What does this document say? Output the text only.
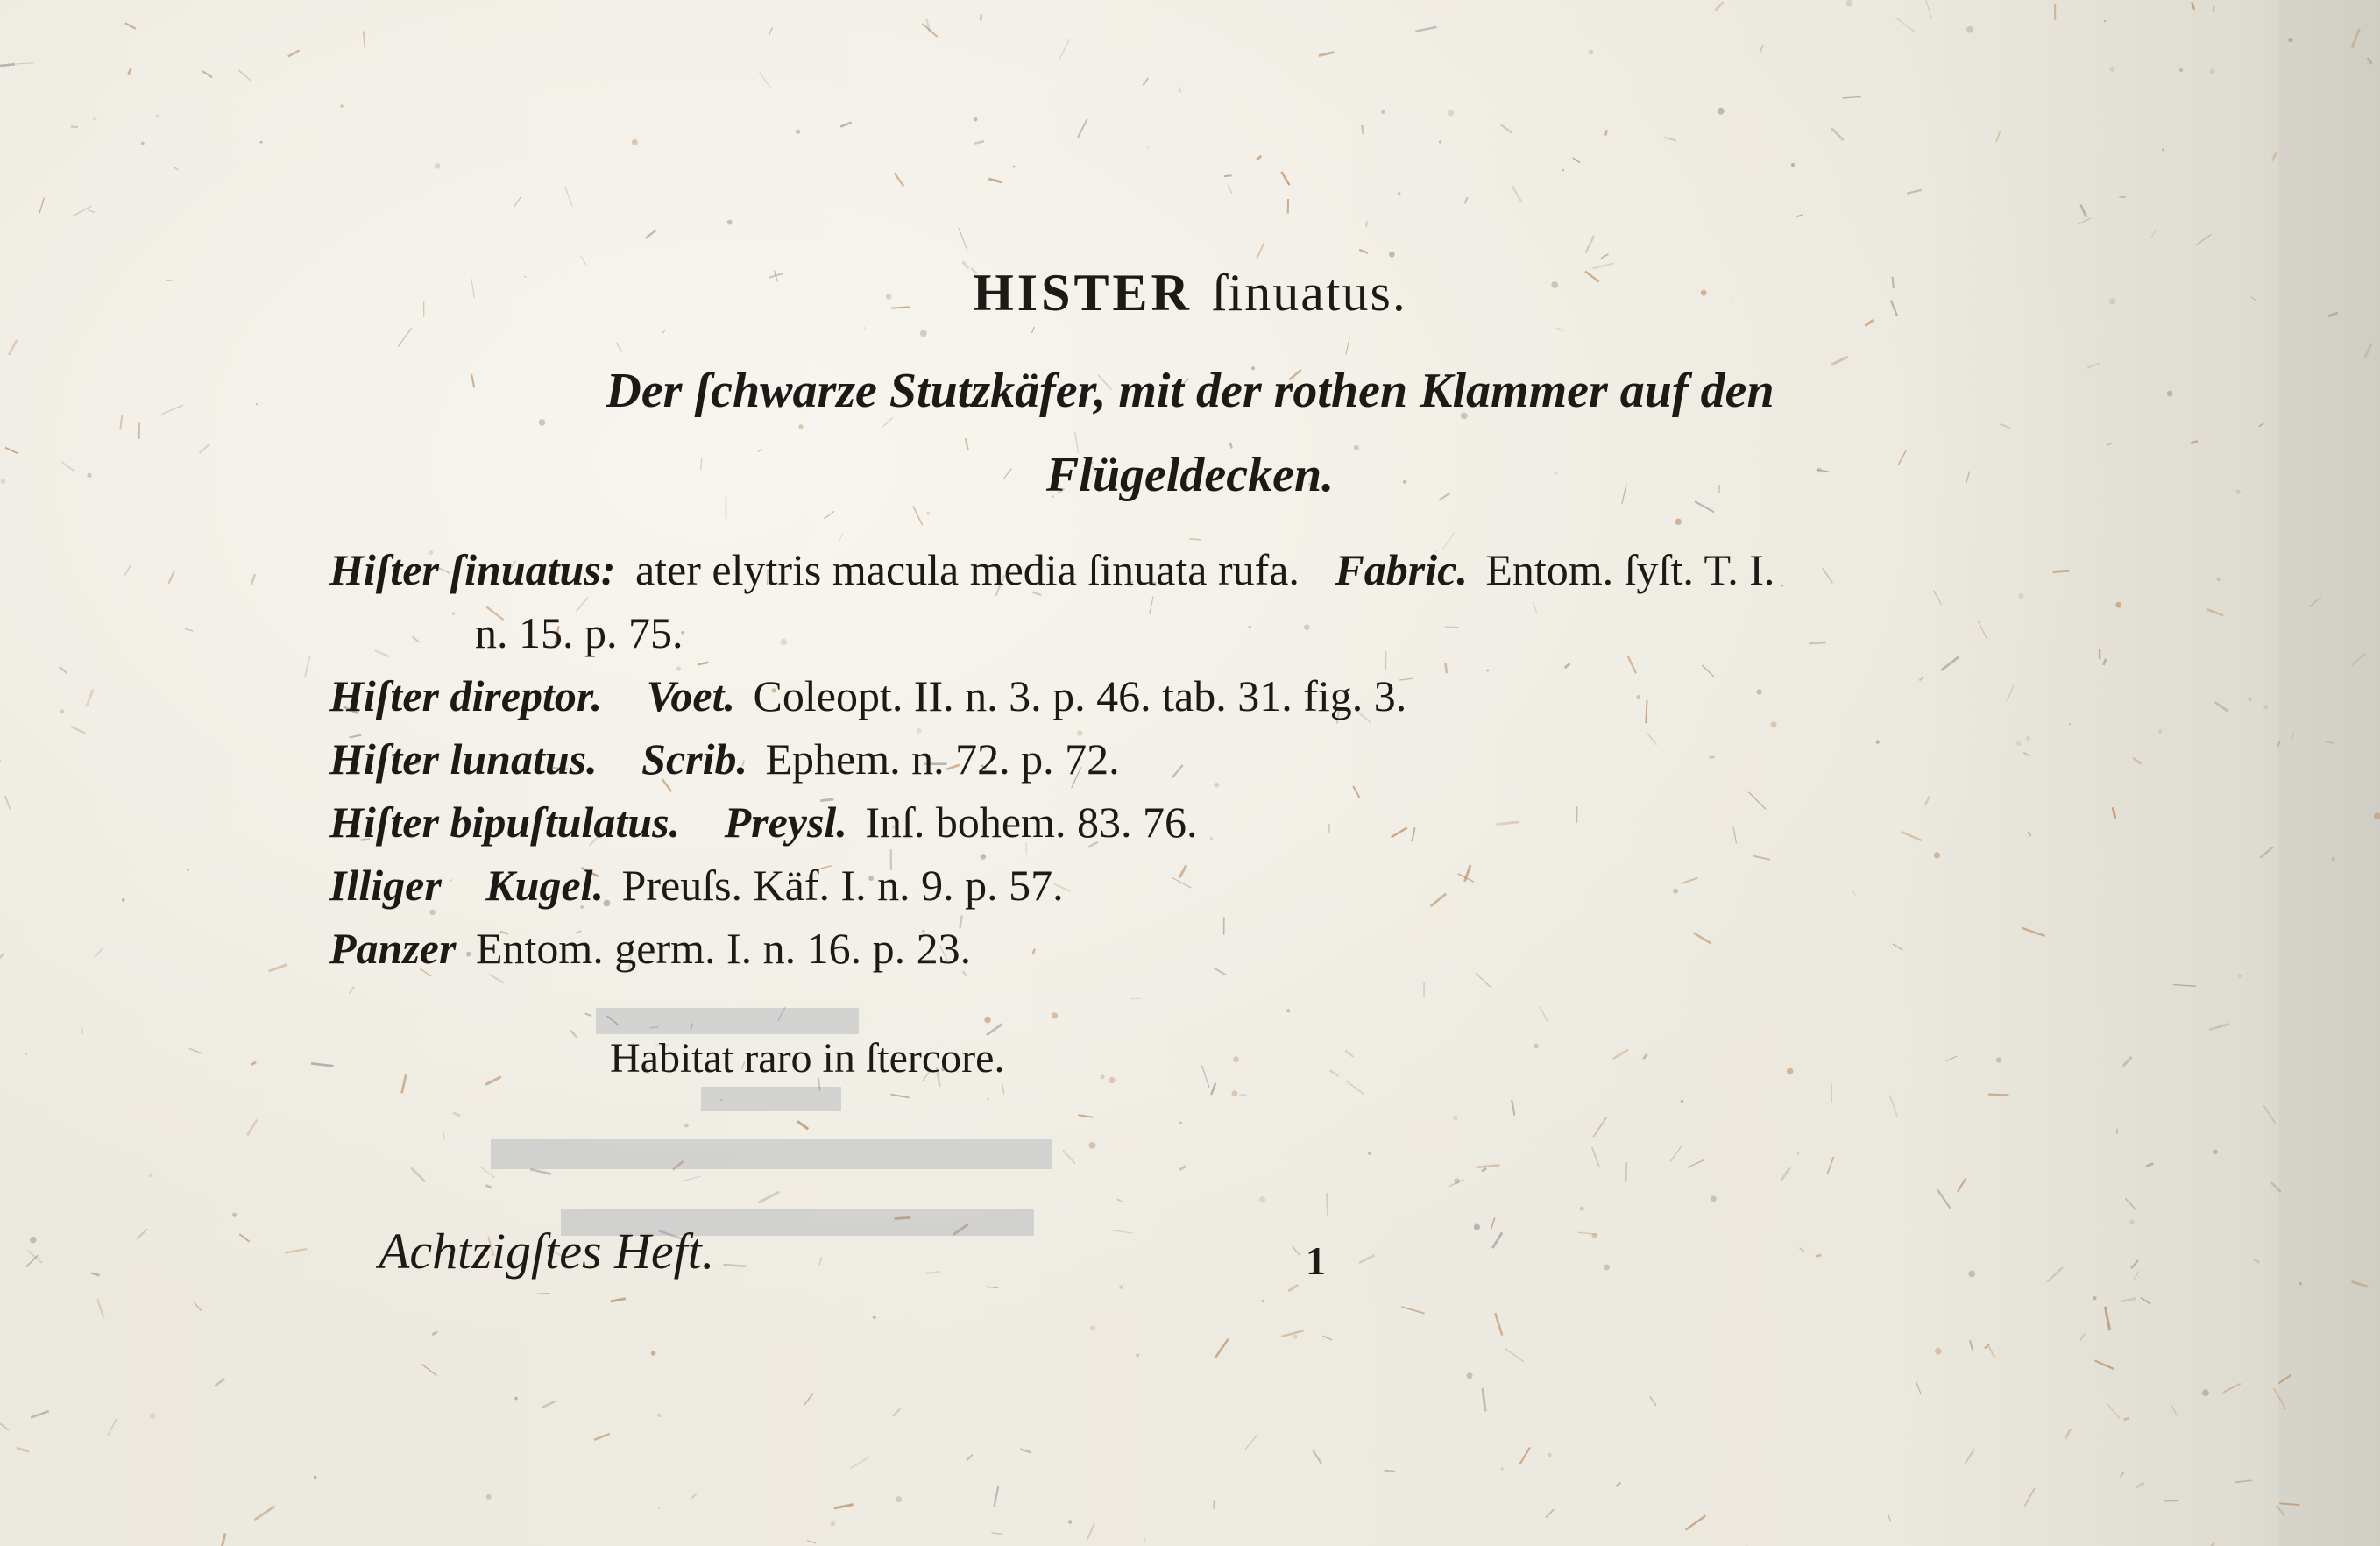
HISTER ſinuatus.
Der ſchwarze Stutzkäfer, mit der rothen Klammer auf den
Flügeldecken.
Hiſter ſinuatus: ater elytris macula media ſinuata rufa. Fabric. Entom. ſyſt. T. I.
n. 15. p. 75.
Hiſter direptor. Voet. Coleopt. II. n. 3. p. 46. tab. 31. fig. 3.
Hiſter lunatus. Scrib. Ephem. n. 72. p. 72.
Hiſter bipuſtulatus. Preysl. Inſ. bohem. 83. 76.
Illiger Kugel. Preuſs. Käf. I. n. 9. p. 57.
Panzer Entom. germ. I. n. 16. p. 23.
Habitat raro in ſtercore.
Achtzigſtes Heft.	1
